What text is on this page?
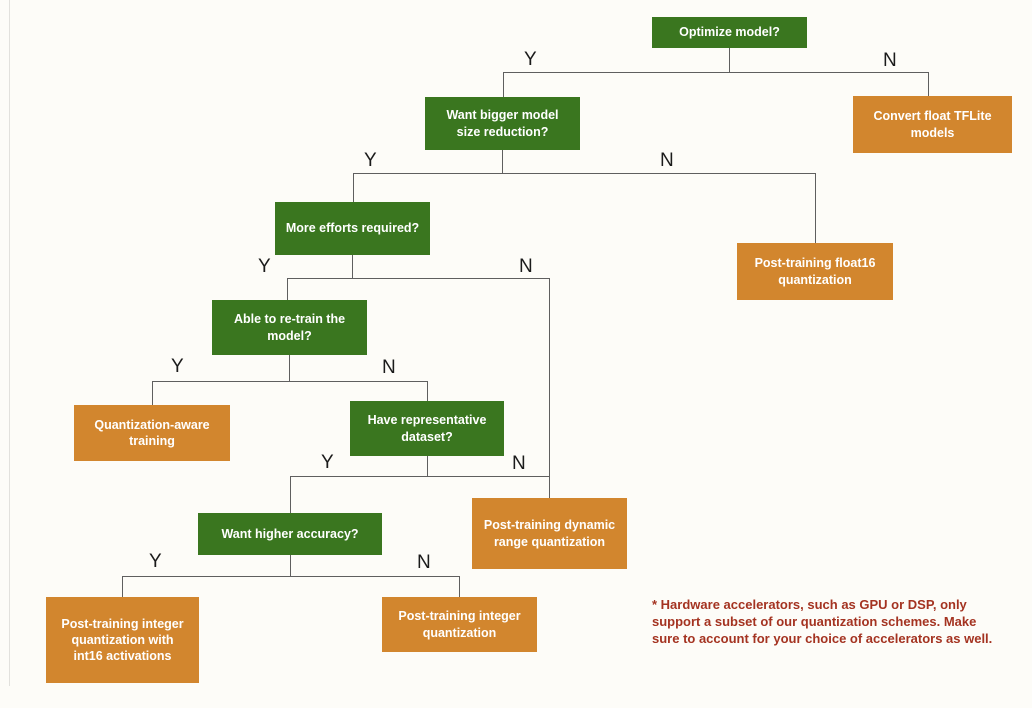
Y	N
Y	N
Y	N
Y	N
Y	N
Y	N
Optimize model?
Want bigger model size reduction?
Convert float TFLite models
More efforts required?
Post-training float16 quantization
Able to re-train the model?
Quantization-aware training
Have representative dataset?
Want higher accuracy?
Post-training dynamic range quantization
Post-training integer quantization with int16 activations
Post-training integer quantization
* Hardware accelerators, such as GPU or DSP, only support a subset of our quantization schemes. Make sure to account for your choice of accelerators as well.
